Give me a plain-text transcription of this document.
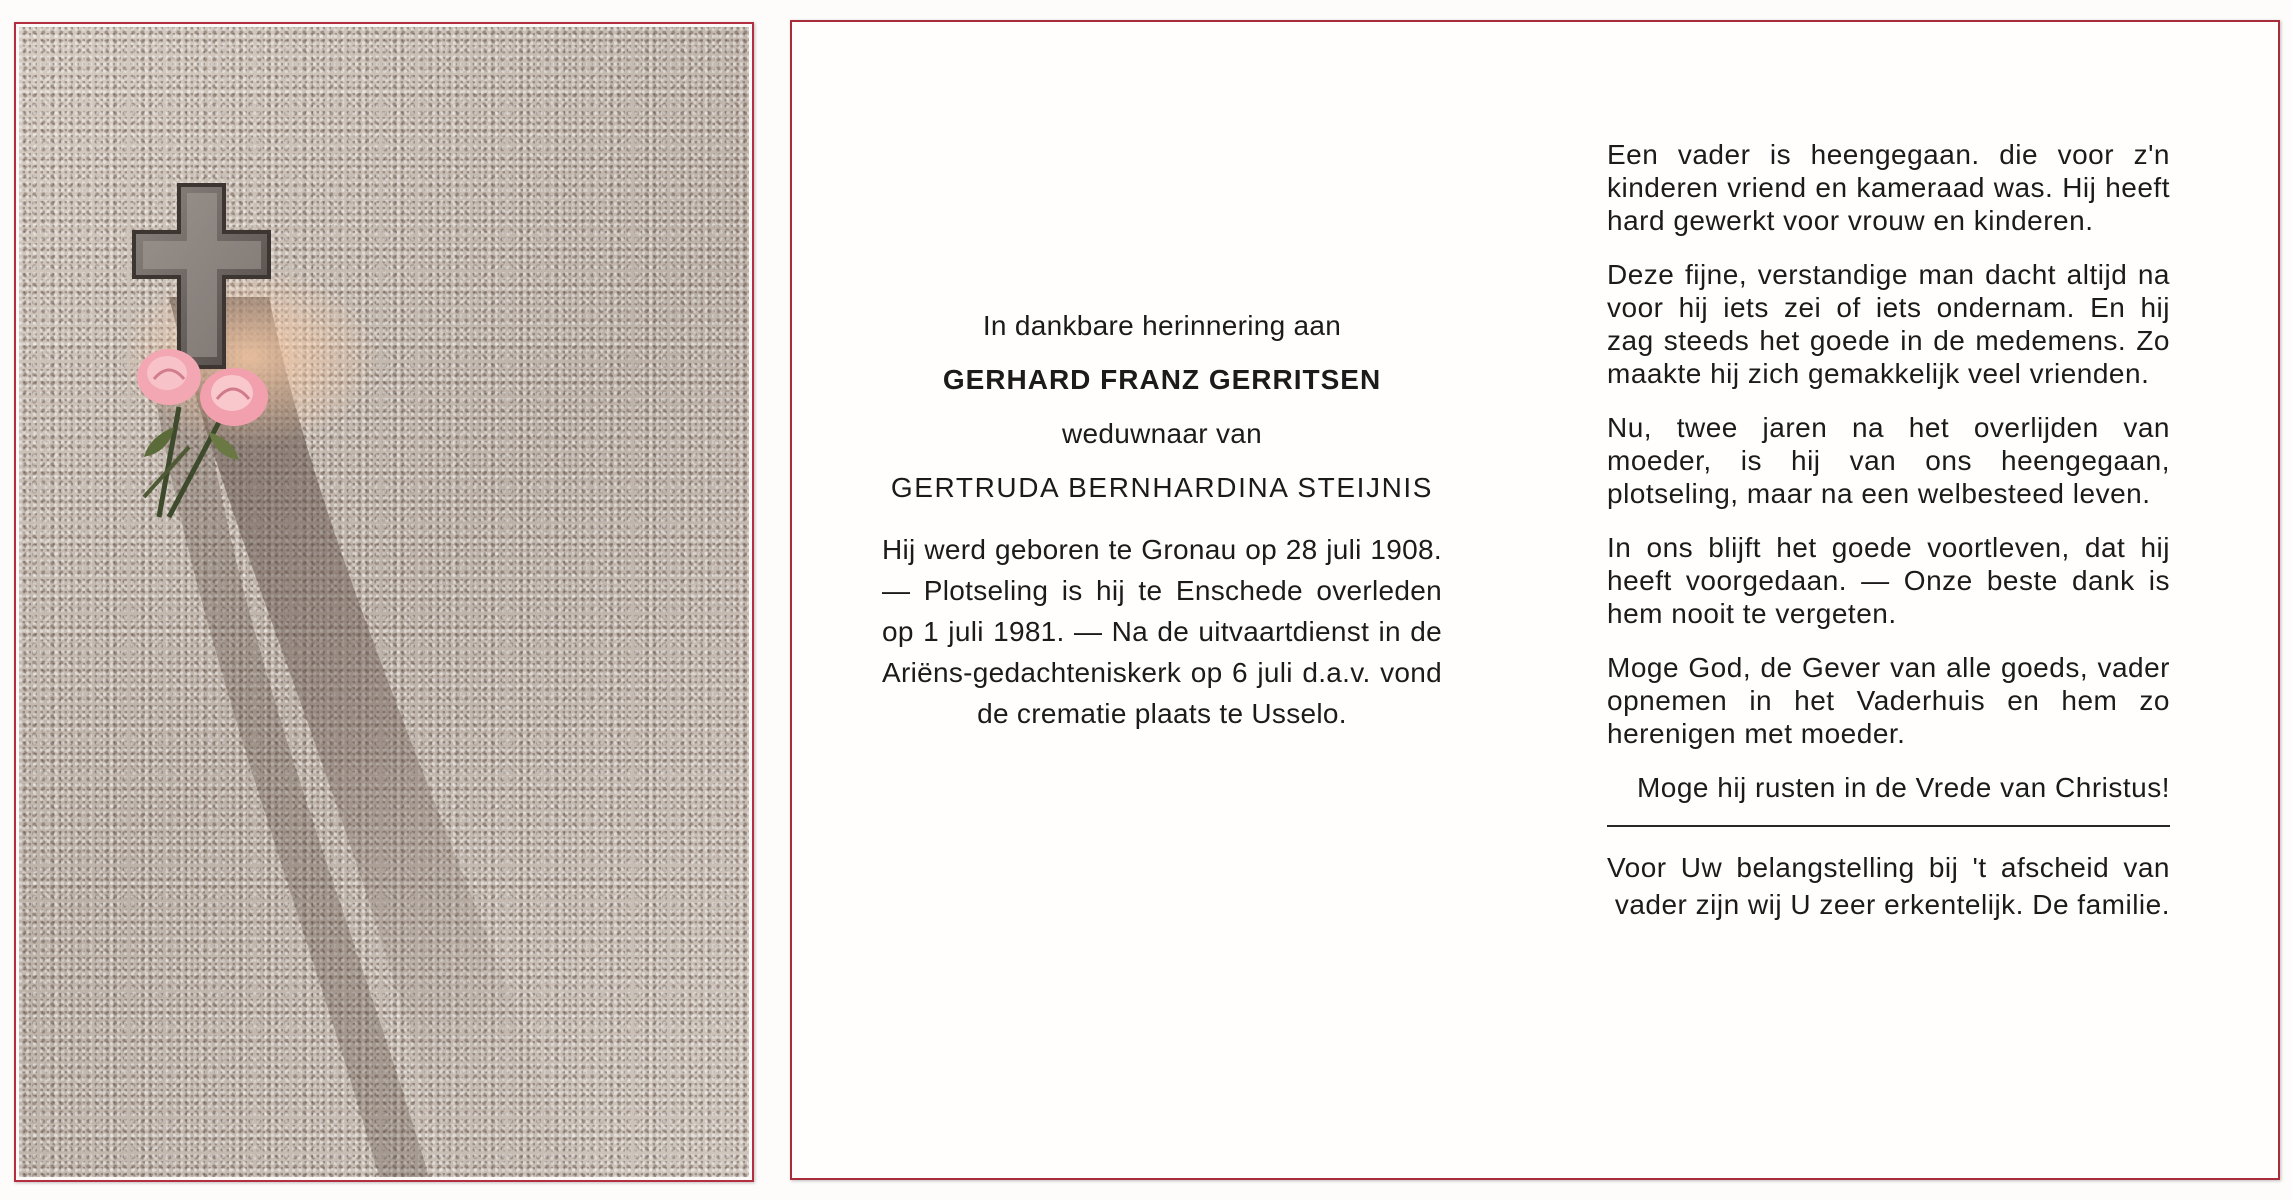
In dankbare herinnering aan

GERHARD FRANZ GERRITSEN

weduwnaar van

GERTRUDA BERNHARDINA STEIJNIS

Hij werd geboren te Gronau op 28 juli 1908. — Plotseling is hij te Enschede overleden op 1 juli 1981. — Na de uitvaartdienst in de Ariëns-gedachteniskerk op 6 juli d.a.v. vond de crematie plaats te Usselo.

Een vader is heengegaan. die voor z'n kinderen vriend en kameraad was. Hij heeft hard gewerkt voor vrouw en kinderen.

Deze fijne, verstandige man dacht altijd na voor hij iets zei of iets ondernam. En hij zag steeds het goede in de medemens. Zo maakte hij zich gemakkelijk veel vrienden.

Nu, twee jaren na het overlijden van moeder, is hij van ons heengegaan, plotseling, maar na een welbesteed leven.

In ons blijft het goede voortleven, dat hij heeft voorgedaan. — Onze beste dank is hem nooit te vergeten.

Moge God, de Gever van alle goeds, vader opnemen in het Vaderhuis en hem zo herenigen met moeder.

Moge hij rusten in de Vrede van Christus!

Voor Uw belangstelling bij 't afscheid van vader zijn wij U zeer erkentelijk. De familie.
